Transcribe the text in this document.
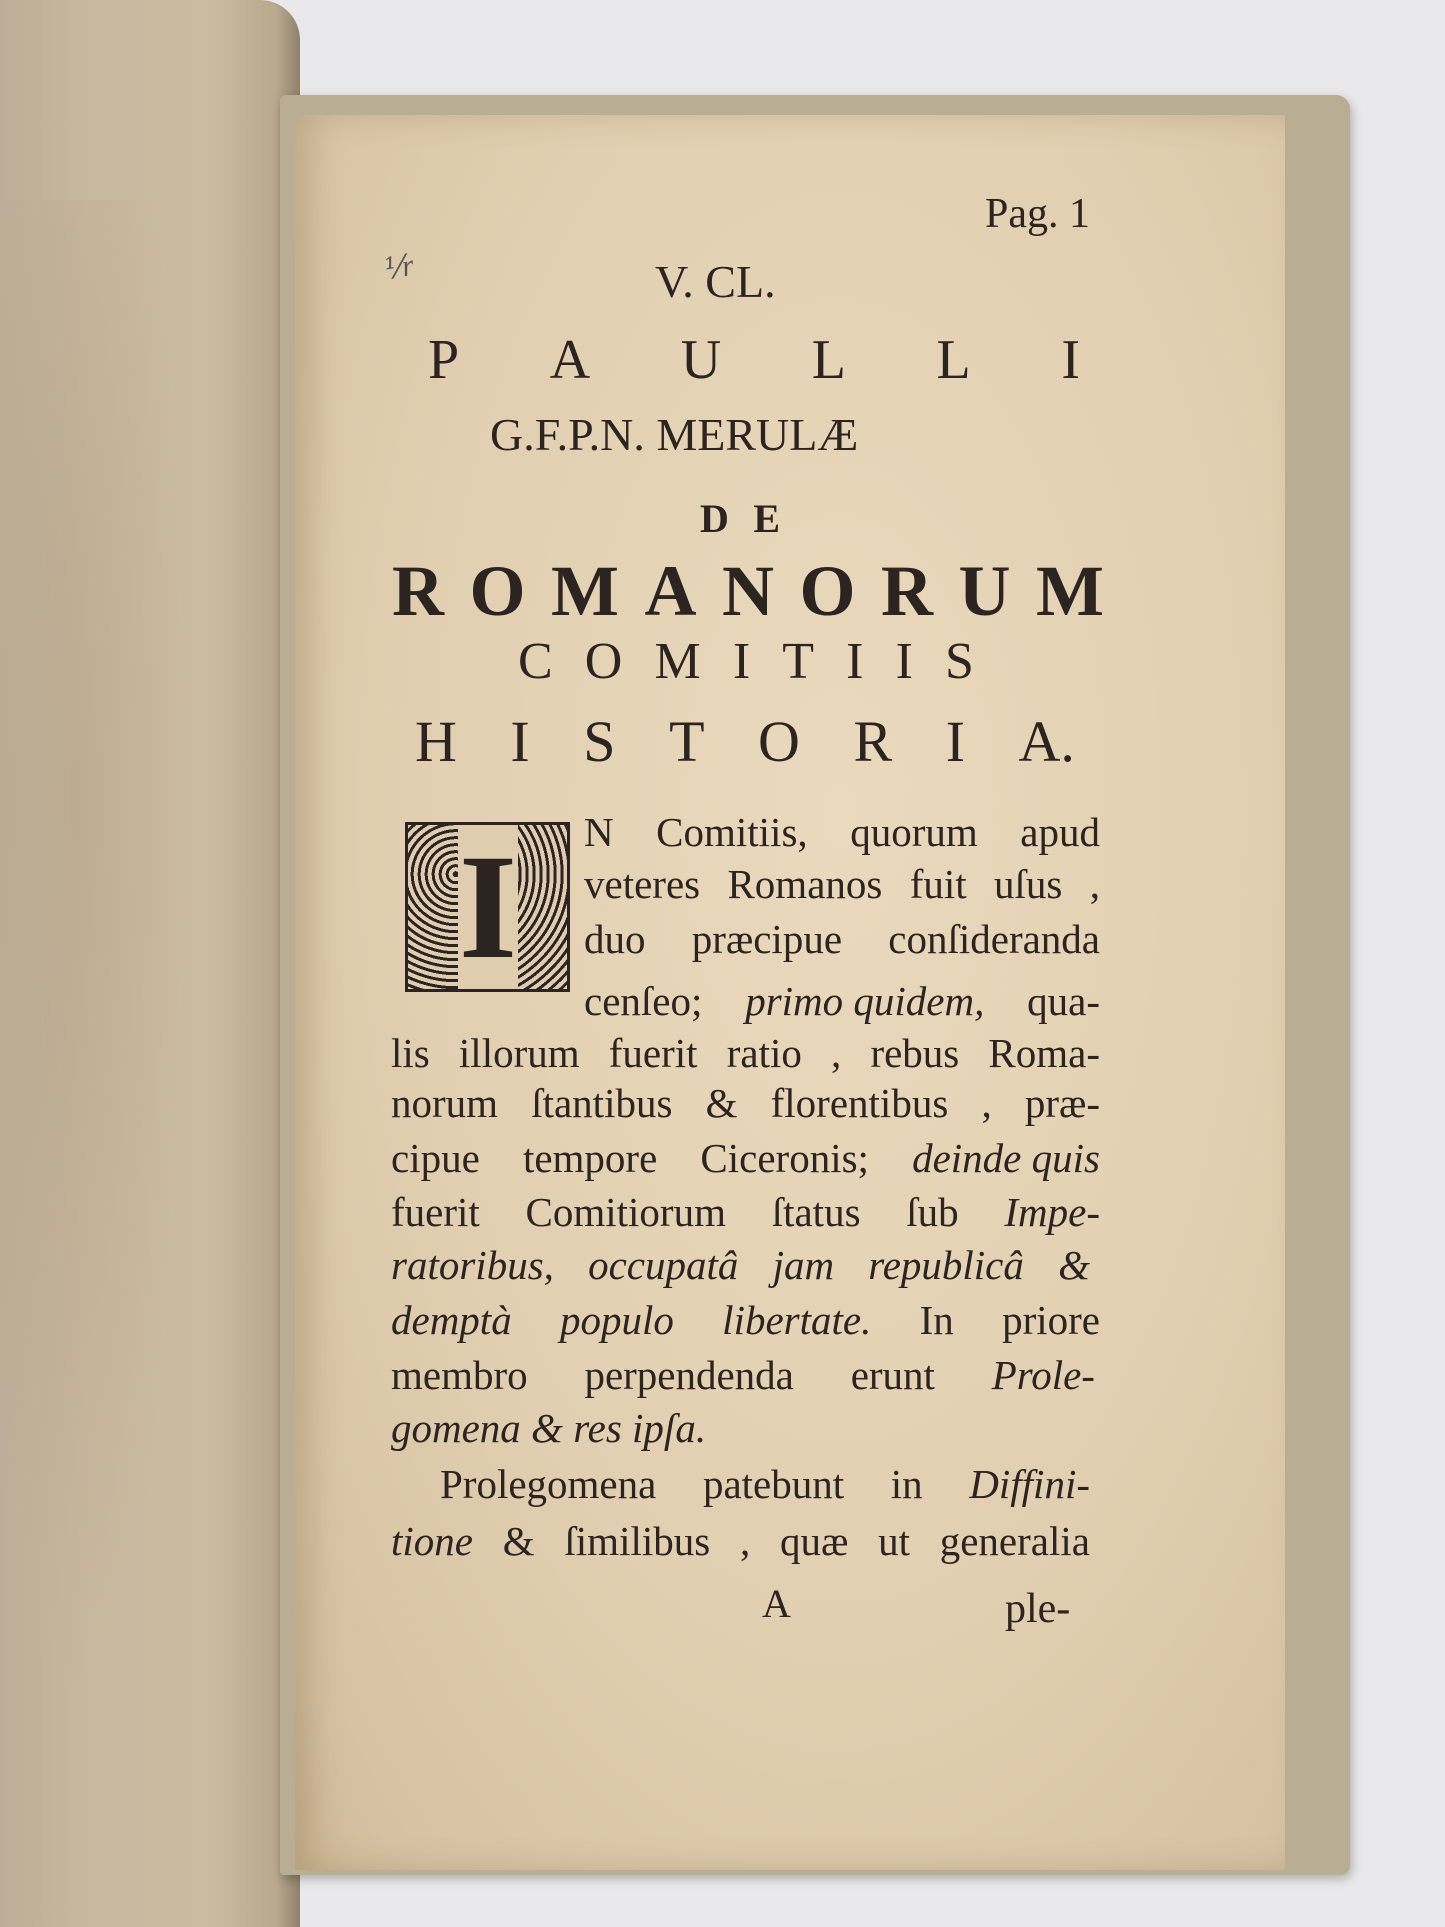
⅟r
Pag. 1
V. CL.
P A U L L I
G.F.P.N. MERULÆ
D E
R O M A N O R U M
C O M I T I I S
H I S T O R I A.
I N Comitiis, quorum apud
veteres Romanos fuit uſus ,
duo præcipue conſideranda
cenſeo; primo quidem, qua-
lis illorum fuerit ratio , rebus Roma-
norum ſtantibus & florentibus , præ-
cipue tempore Ciceronis; deinde quis
fuerit Comitiorum ſtatus ſub Impe-
ratoribus, occupatâ jam republicâ &
demptà populo libertate. In priore
membro perpendenda erunt Prole-
gomena & res ipſa.
Prolegomena patebunt in Diffini-
tione & ſimilibus , quæ ut generalia
A	ple-
